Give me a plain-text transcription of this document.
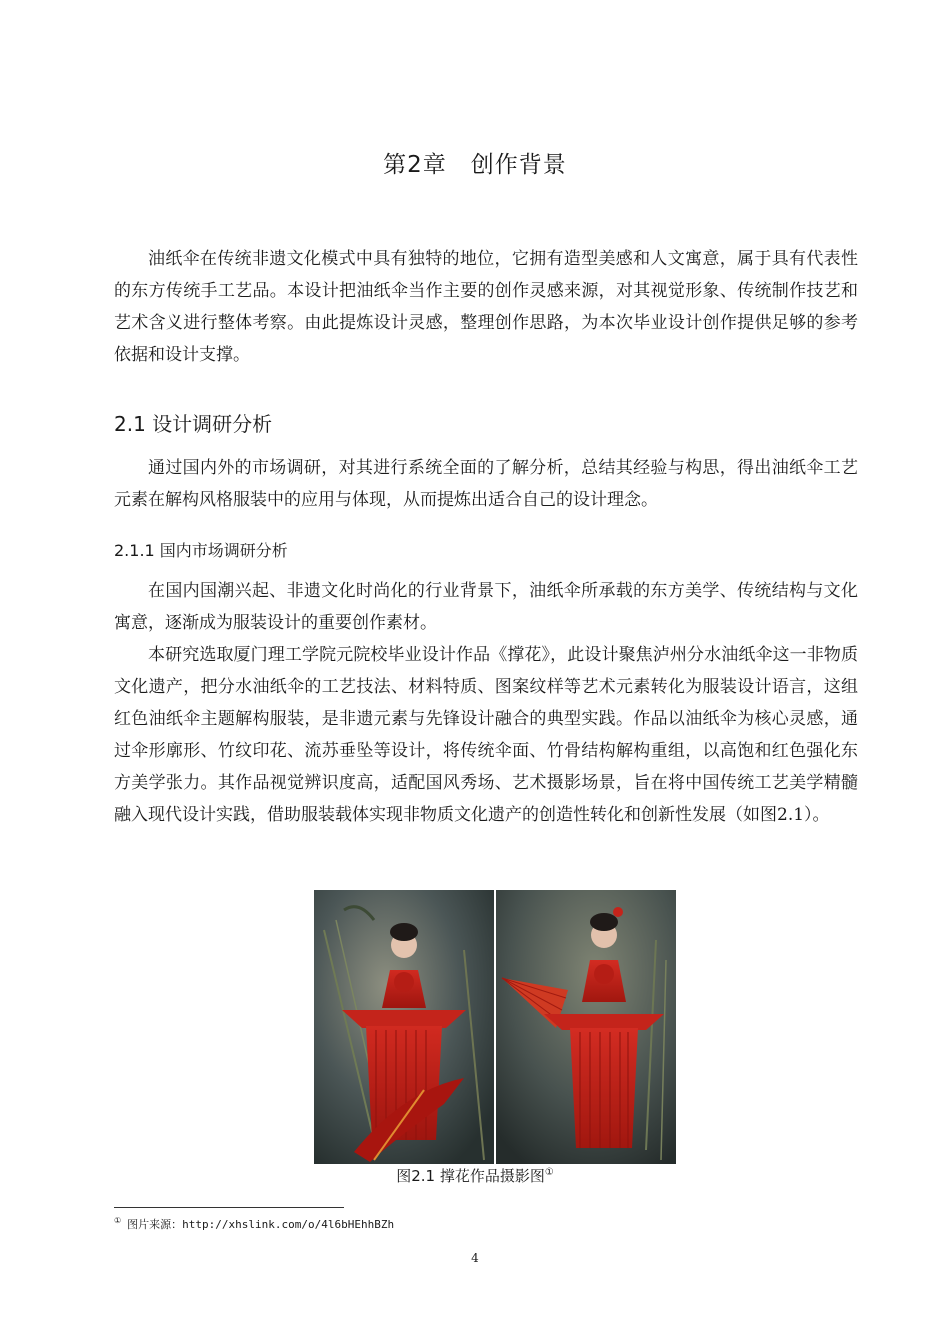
第2章　创作背景

油纸伞在传统非遗文化模式中具有独特的地位，它拥有造型美感和人文寓意，属于具有代表性的东方传统手工艺品。本设计把油纸伞当作主要的创作灵感来源，对其视觉形象、传统制作技艺和艺术含义进行整体考察。由此提炼设计灵感，整理创作思路，为本次毕业设计创作提供足够的参考依据和设计支撑。

2.1 设计调研分析

通过国内外的市场调研，对其进行系统全面的了解分析，总结其经验与构思，得出油纸伞工艺元素在解构风格服装中的应用与体现，从而提炼出适合自己的设计理念。

2.1.1 国内市场调研分析

在国内国潮兴起、非遗文化时尚化的行业背景下，油纸伞所承载的东方美学、传统结构与文化寓意，逐渐成为服装设计的重要创作素材。

本研究选取厦门理工学院元院校毕业设计作品《撑花》，此设计聚焦泸州分水油纸伞这一非物质文化遗产，把分水油纸伞的工艺技法、材料特质、图案纹样等艺术元素转化为服装设计语言，这组红色油纸伞主题解构服装，是非遗元素与先锋设计融合的典型实践。作品以油纸伞为核心灵感，通过伞形廓形、竹纹印花、流苏垂坠等设计，将传统伞面、竹骨结构解构重组，以高饱和红色强化东方美学张力。其作品视觉辨识度高，适配国风秀场、艺术摄影场景，旨在将中国传统工艺美学精髓融入现代设计实践，借助服装载体实现非物质文化遗产的创造性转化和创新性发展（如图2.1）。

图2.1 撑花作品摄影图①
① 图片来源：http://xhslink.com/o/4l6bHEhhBZh
4
